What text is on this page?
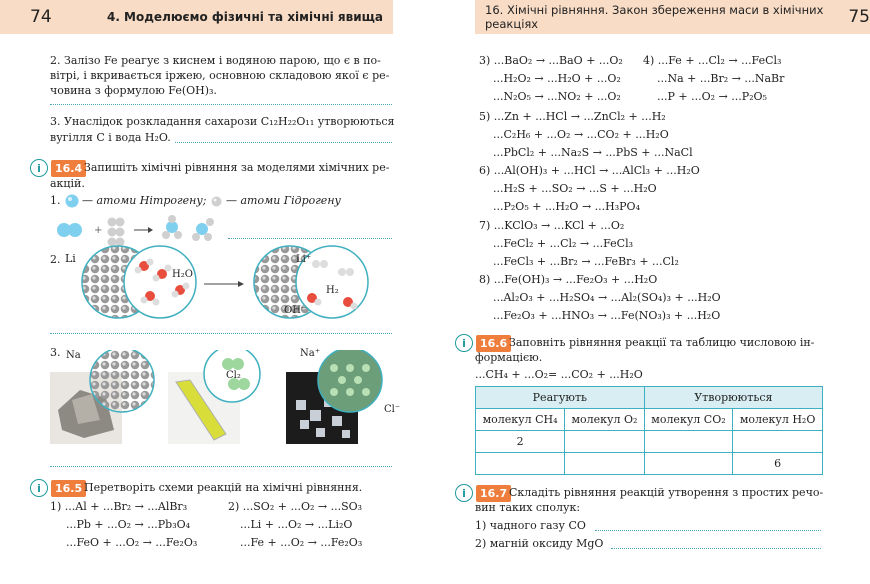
74	4. Моделюємо фізичні та хімічні явища
2. Залізо Fe реагує з киснем і водяною парою, що є в по-
вітрі, і вкривається іржею, основною складовою якої є ре-
човина з формулою Fe(OH)₃.
3. Унаслідок розкладання сахарози C₁₂H₂₂O₁₁ утворюються
вугілля C і вода H₂O.
i	16.4 Запишіть хімічні рівняння за моделями хімічних ре-
акцій.
1. — атоми Нітрогену; — атоми Гідрогену
+
2. Li
H₂O
Li⁺
H₂
OH⁻
3. Na
Cl₂
Na⁺
Cl⁻
i	16.5 Перетворіть схеми реакцій на хімічні рівняння.
1) ...Al + ...Br₂ → ...AlBr₃
...Pb + ...O₂ → ...Pb₃O₄
...FeO + ...O₂ → ...Fe₂O₃
2) ...SO₂ + ...O₂ → ...SO₃
...Li + ...O₂ → ...Li₂O
...Fe + ...O₂ → ...Fe₂O₃
16. Хімічні рівняння. Закон збереження маси в хімічних реакціях	75
3) ...BaO₂ → ...BaO + ...O₂
...H₂O₂ → ...H₂O + ...O₂
...N₂O₅ → ...NO₂ + ...O₂
4) ...Fe + ...Cl₂ → ...FeCl₃
...Na + ...Br₂ → ...NaBr
...P + ...O₂ → ...P₂O₅
5) ...Zn + ...HCl → ...ZnCl₂ + ...H₂
...C₂H₆ + ...O₂ → ...CO₂ + ...H₂O
...PbCl₂ + ...Na₂S → ...PbS + ...NaCl
6) ...Al(OH)₃ + ...HCl → ...AlCl₃ + ...H₂O
...H₂S + ...SO₂ → ...S + ...H₂O
...P₂O₅ + ...H₂O → ...H₃PO₄
7) ...KClO₃ → ...KCl + ...O₂
...FeCl₂ + ...Cl₂ → ...FeCl₃
...FeCl₃ + ...Br₂ → ...FeBr₃ + ...Cl₂
8) ...Fe(OH)₃ → ...Fe₂O₃ + ...H₂O
...Al₂O₃ + ...H₂SO₄ → ...Al₂(SO₄)₃ + ...H₂O
...Fe₂O₃ + ...HNO₃ → ...Fe(NO₃)₃ + ...H₂O
i	16.6 Заповніть рівняння реакції та таблицю числовою ін-
формацією.
...CH₄ + ...O₂= ...CO₂ + ...H₂O
Реагують		Утворюються	
молекул CH₄	молекул O₂	молекул CO₂	молекул H₂O
2			
			6
i	16.7 Складіть рівняння реакцій утворення з простих речо-
вин таких сполук:
1) чадного газу CO
2) магній оксиду MgO
